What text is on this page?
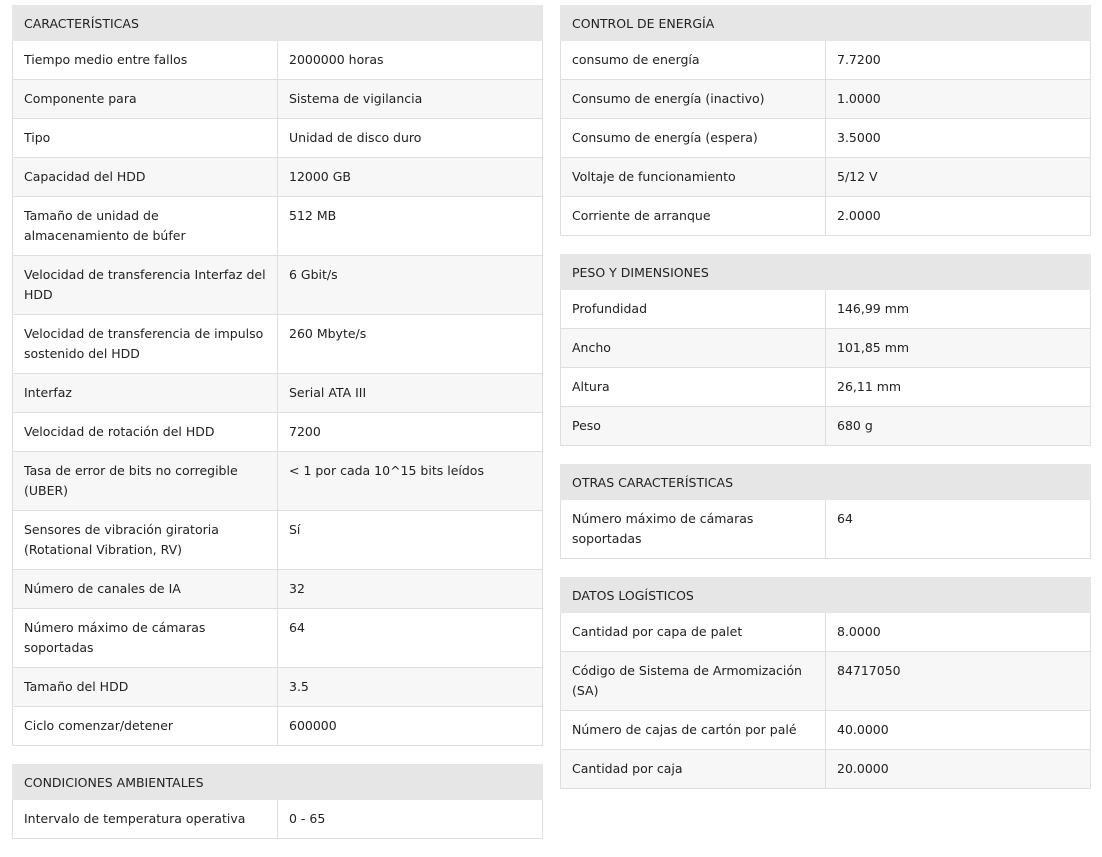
CARACTERÍSTICAS	
Tiempo medio entre fallos	2000000 horas
Componente para	Sistema de vigilancia
Tipo	Unidad de disco duro
Capacidad del HDD	12000 GB
Tamaño de unidad de almacenamiento de búfer	512 MB
Velocidad de transferencia Interfaz del HDD	6 Gbit/s
Velocidad de transferencia de impulso sostenido del HDD	260 Mbyte/s
Interfaz	Serial ATA III
Velocidad de rotación del HDD	7200
Tasa de error de bits no corregible (UBER)	< 1 por cada 10^15 bits leídos
Sensores de vibración giratoria (Rotational Vibration, RV)	Sí
Número de canales de IA	32
Número máximo de cámaras soportadas	64
Tamaño del HDD	3.5
Ciclo comenzar/detener	600000
CONDICIONES AMBIENTALES
Intervalo de temperatura operativa	0 - 65
CONTROL DE ENERGÍA	
consumo de energía	7.7200
Consumo de energía (inactivo)	1.0000
Consumo de energía (espera)	3.5000
Voltaje de funcionamiento	5/12 V
Corriente de arranque	2.0000
PESO Y DIMENSIONES	
Profundidad	146,99 mm
Ancho	101,85 mm
Altura	26,11 mm
Peso	680 g
OTRAS CARACTERÍSTICAS
Número máximo de cámaras soportadas	64
DATOS LOGÍSTICOS	
Cantidad por capa de palet	8.0000
Código de Sistema de Armomización (SA)	84717050
Número de cajas de cartón por palé	40.0000
Cantidad por caja	20.0000
